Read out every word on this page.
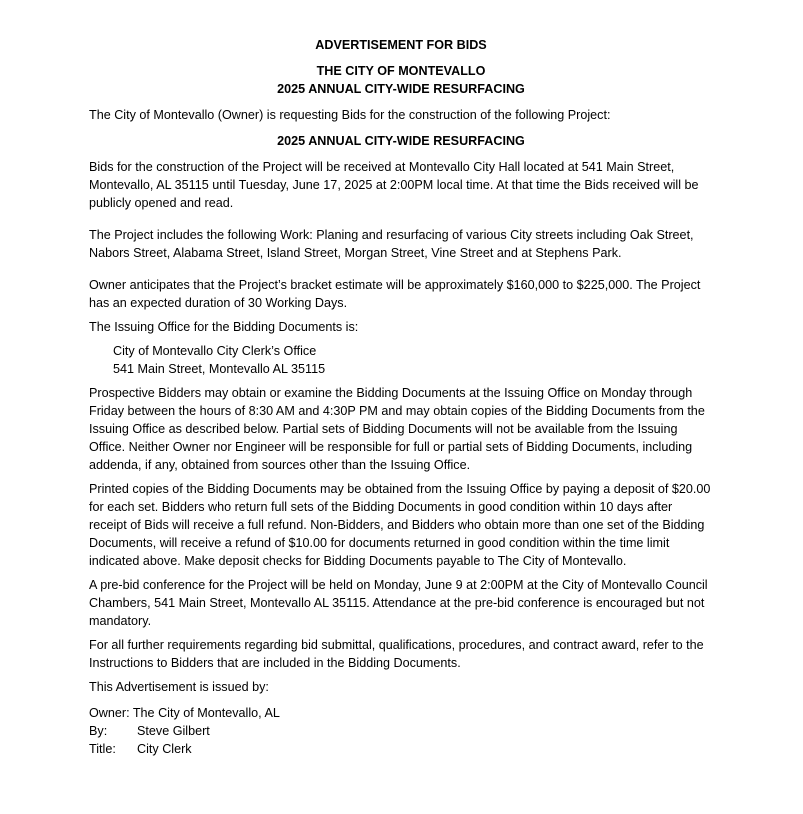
ADVERTISEMENT FOR BIDS
THE CITY OF MONTEVALLO
2025 ANNUAL CITY-WIDE RESURFACING

The City of Montevallo (Owner) is requesting Bids for the construction of the following Project:

2025 ANNUAL CITY-WIDE RESURFACING

Bids for the construction of the Project will be received at Montevallo City Hall located at 541 Main Street, Montevallo, AL 35115 until Tuesday, June 17, 2025 at 2:00PM local time. At that time the Bids received will be publicly opened and read.

The Project includes the following Work: Planing and resurfacing of various City streets including Oak Street, Nabors Street, Alabama Street, Island Street, Morgan Street, Vine Street and at Stephens Park.

Owner anticipates that the Project’s bracket estimate will be approximately $160,000 to $225,000. The Project has an expected duration of 30 Working Days.

The Issuing Office for the Bidding Documents is:

City of Montevallo City Clerk’s Office
541 Main Street, Montevallo AL 35115

Prospective Bidders may obtain or examine the Bidding Documents at the Issuing Office on Monday through Friday between the hours of 8:30 AM and 4:30P PM and may obtain copies of the Bidding Documents from the Issuing Office as described below. Partial sets of Bidding Documents will not be available from the Issuing Office. Neither Owner nor Engineer will be responsible for full or partial sets of Bidding Documents, including addenda, if any, obtained from sources other than the Issuing Office.

Printed copies of the Bidding Documents may be obtained from the Issuing Office by paying a deposit of $20.00 for each set. Bidders who return full sets of the Bidding Documents in good condition within 10 days after receipt of Bids will receive a full refund. Non-Bidders, and Bidders who obtain more than one set of the Bidding Documents, will receive a refund of $10.00 for documents returned in good condition within the time limit indicated above. Make deposit checks for Bidding Documents payable to The City of Montevallo.

A pre-bid conference for the Project will be held on Monday, June 9 at 2:00PM at the City of Montevallo Council Chambers, 541 Main Street, Montevallo AL 35115. Attendance at the pre-bid conference is encouraged but not mandatory.

For all further requirements regarding bid submittal, qualifications, procedures, and contract award, refer to the Instructions to Bidders that are included in the Bidding Documents.

This Advertisement is issued by:

Owner: The City of Montevallo, AL
By:	Steve Gilbert
Title:	City Clerk
